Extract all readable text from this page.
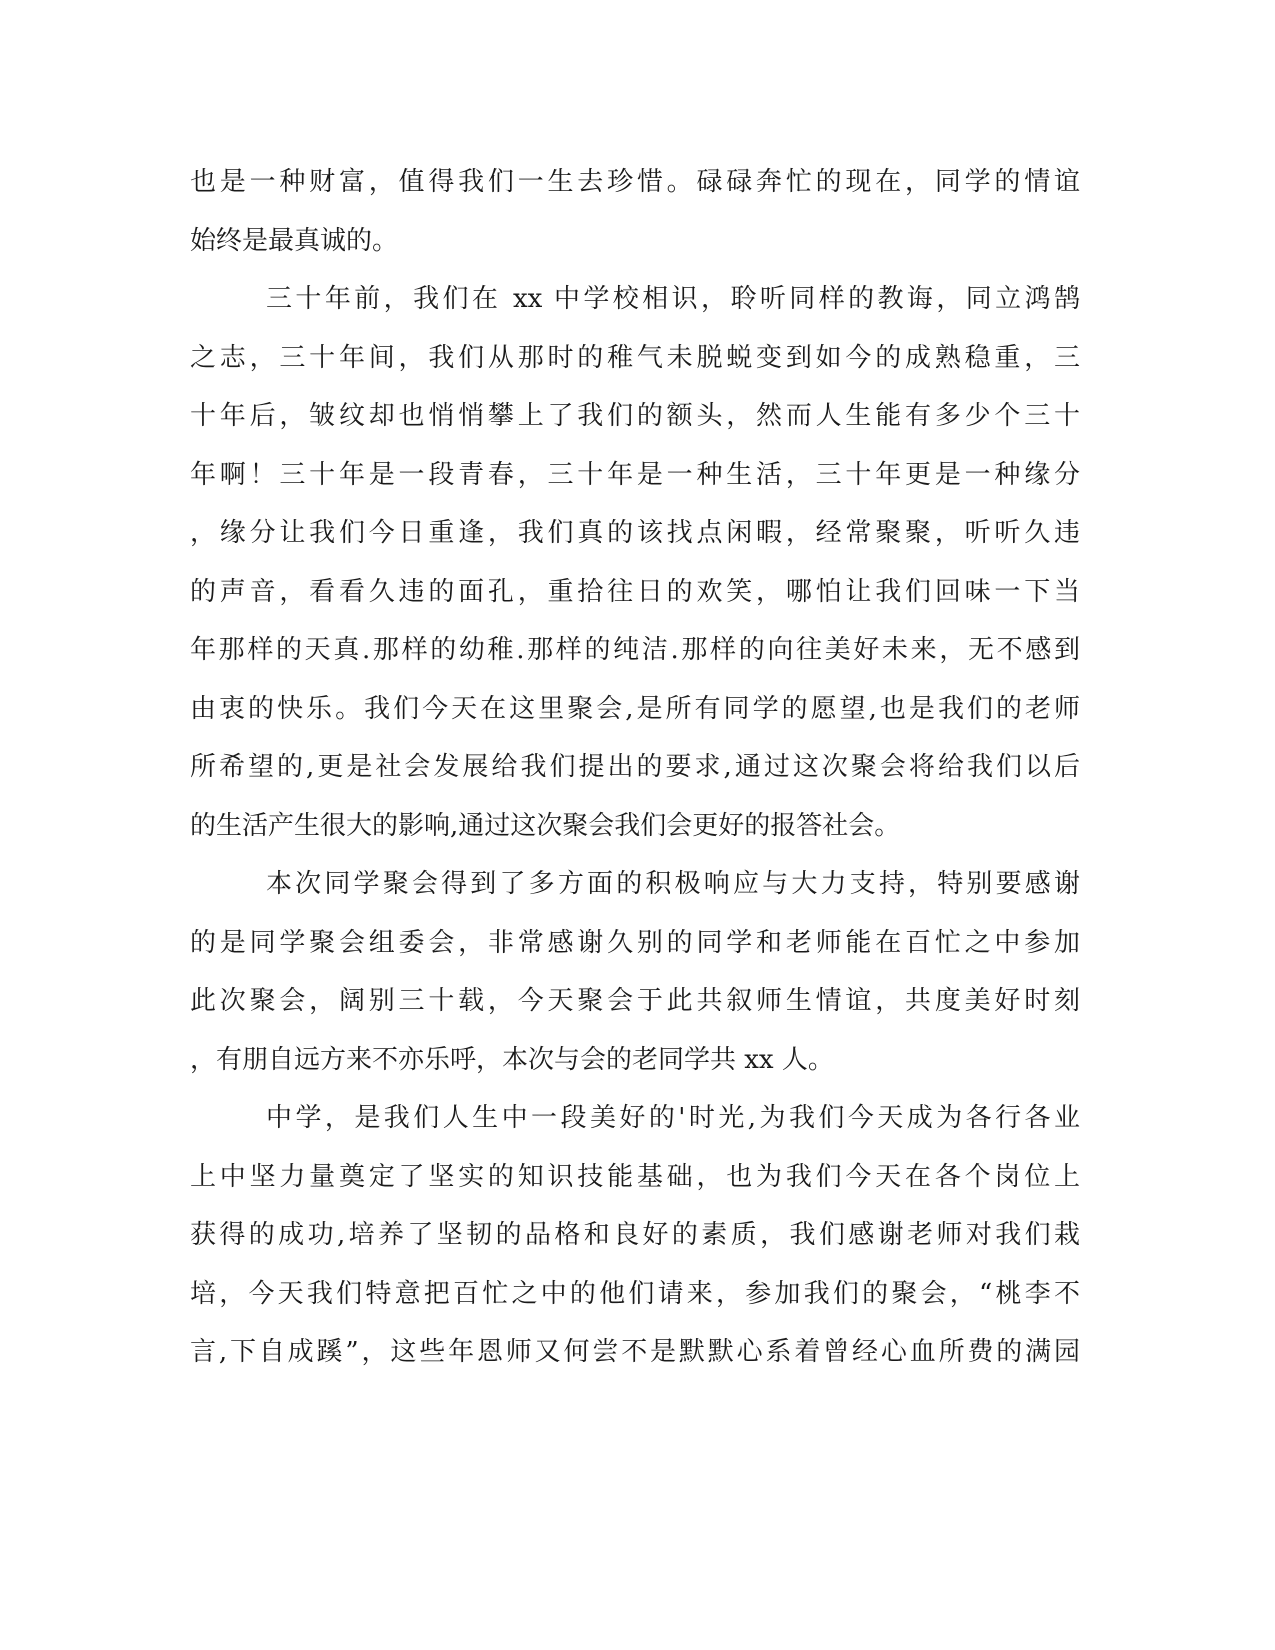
也是一种财富，值得我们一生去珍惜。碌碌奔忙的现在，同学的情谊
始终是最真诚的。
三十年前，我们在 xx 中学校相识，聆听同样的教诲，同立鸿鹄
之志，三十年间，我们从那时的稚气未脱蜕变到如今的成熟稳重，三
十年后，皱纹却也悄悄攀上了我们的额头，然而人生能有多少个三十
年啊！三十年是一段青春，三十年是一种生活，三十年更是一种缘分
，缘分让我们今日重逢，我们真的该找点闲暇，经常聚聚，听听久违
的声音，看看久违的面孔，重拾往日的欢笑，哪怕让我们回味一下当
年那样的天真.那样的幼稚.那样的纯洁.那样的向往美好未来，无不感到
由衷的快乐。我们今天在这里聚会,是所有同学的愿望,也是我们的老师
所希望的,更是社会发展给我们提出的要求,通过这次聚会将给我们以后
的生活产生很大的影响,通过这次聚会我们会更好的报答社会。
本次同学聚会得到了多方面的积极响应与大力支持，特别要感谢
的是同学聚会组委会，非常感谢久别的同学和老师能在百忙之中参加
此次聚会，阔别三十载，今天聚会于此共叙师生情谊，共度美好时刻
，有朋自远方来不亦乐呼，本次与会的老同学共 xx 人。
中学，是我们人生中一段美好的'时光,为我们今天成为各行各业
上中坚力量奠定了坚实的知识技能基础，也为我们今天在各个岗位上
获得的成功,培养了坚韧的品格和良好的素质，我们感谢老师对我们栽
培，今天我们特意把百忙之中的他们请来，参加我们的聚会，“桃李不
言,下自成蹊”，这些年恩师又何尝不是默默心系着曾经心血所费的满园
